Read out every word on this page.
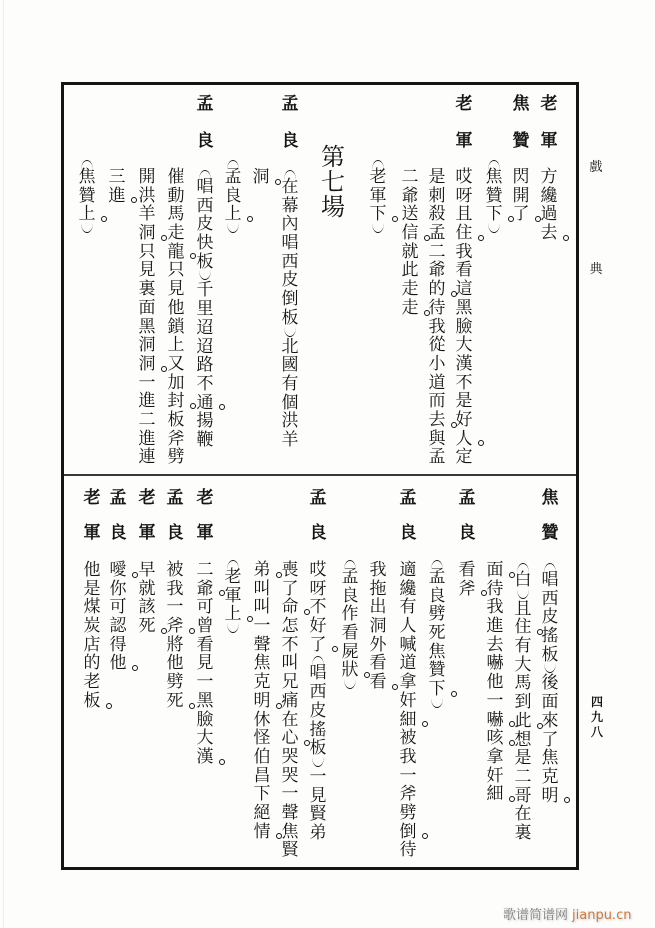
戲
典
四
九
八
老
軍
方
纔
過
去
焦
贊
閃
開
了
焦
贊
下
老
軍
哎
呀
且
住
我
看
這
黑
臉
大
漢
不
是
好
人
定
是
刺
殺
孟
二
爺
的
待
我
從
小
道
而
去
與
孟
二
爺
送
信
就
此
走
走
老
軍
下
第
七
場
孟
良
在
幕
內
唱
西
皮
倒
板
北
國
有
個
洪
羊
洞
孟
良
上
孟
良
唱
西
皮
快
板
千
里
迢
迢
路
不
通
揚
鞭
催
動
馬
走
龍
只
見
他
鎖
上
又
加
封
板
斧
劈
開
洪
羊
洞
只
見
裏
面
黑
洞
洞
一
進
二
進
連
三
進
焦
贊
上
焦
贊
唱
西
皮
搖
板
後
面
來
了
焦
克
明
白
且
住
有
大
馬
到
此
想
是
二
哥
在
裏
面
待
我
進
去
嚇
他
一
嚇
咳
拿
奸
細
孟
良
看
斧
孟
良
劈
死
焦
贊
下
孟
良
適
纔
有
人
喊
道
拿
奸
細
被
我
一
斧
劈
倒
待
我
拖
出
洞
外
看
看
孟
良
作
看
屍
狀
孟
良
哎
呀
不
好
了
唱
西
皮
搖
板
一
見
賢
弟
喪
了
命
怎
不
叫
兄
痛
在
心
哭
哭
一
聲
焦
賢
弟
叫
叫
一
聲
焦
克
明
休
怪
伯
昌
下
絕
情
老
軍
上
老
軍
二
爺
可
曾
看
見
一
黑
臉
大
漢
孟
良
被
我
一
斧
將
他
劈
死
老
軍
早
就
該
死
孟
良
噯
你
可
認
得
他
老
軍
他
是
煤
炭
店
的
老
板
歌谱简谱网 jianpu.cn
